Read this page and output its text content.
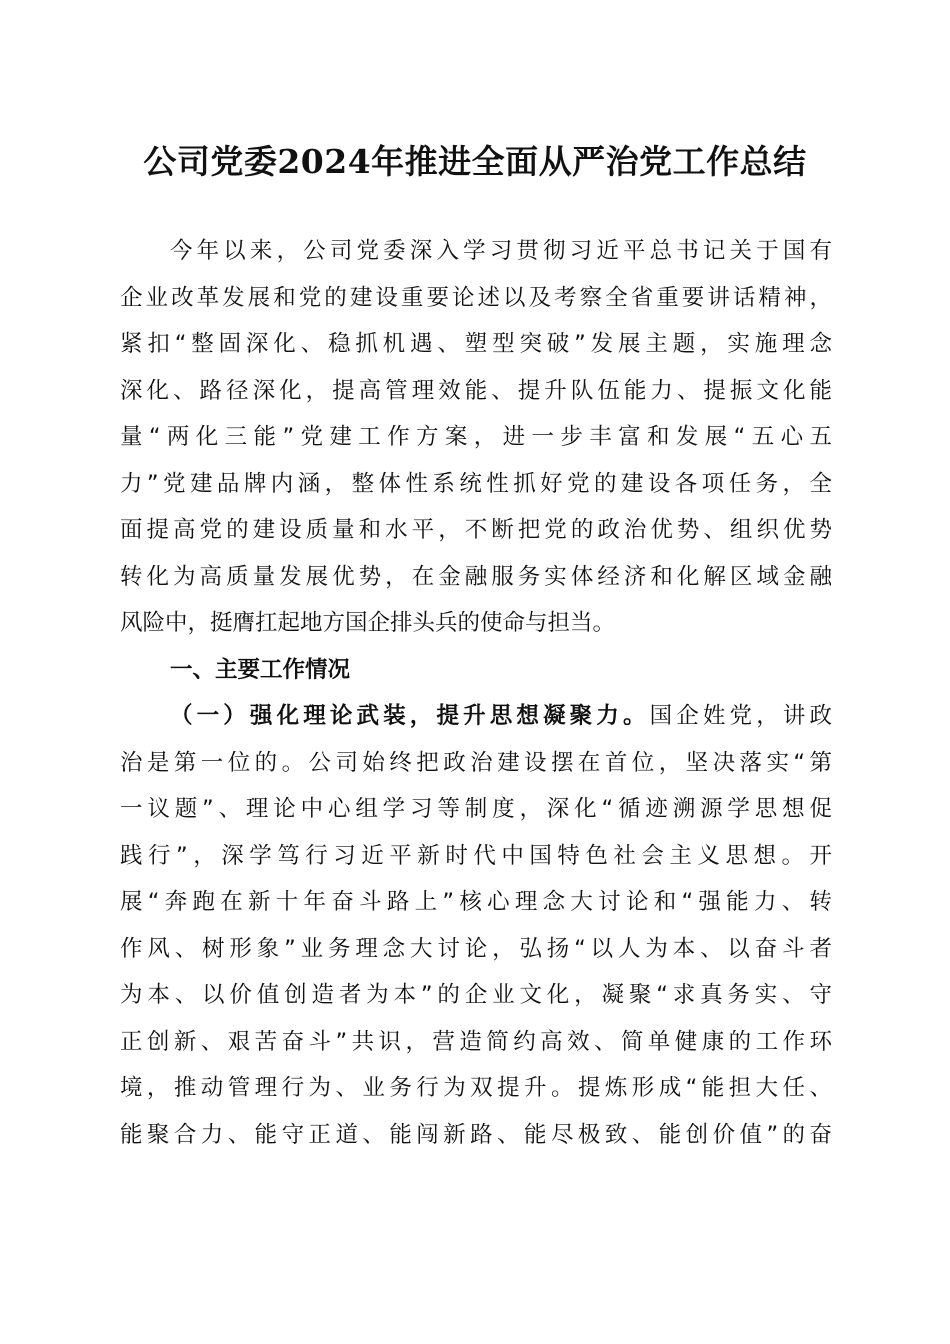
公司党委2024年推进全面从严治党工作总结
今年以来，公司党委深入学习贯彻习近平总书记关于国有
企业改革发展和党的建设重要论述以及考察全省重要讲话精神，
紧扣“整固深化、稳抓机遇、塑型突破”发展主题，实施理念
深化、路径深化，提高管理效能、提升队伍能力、提振文化能
量“两化三能”党建工作方案，进一步丰富和发展“五心五
力”党建品牌内涵，整体性系统性抓好党的建设各项任务，全
面提高党的建设质量和水平，不断把党的政治优势、组织优势
转化为高质量发展优势，在金融服务实体经济和化解区域金融
风险中，挺膺扛起地方国企排头兵的使命与担当。
一、主要工作情况
（一）强化理论武装，提升思想凝聚力。国企姓党，讲政
治是第一位的。公司始终把政治建设摆在首位，坚决落实“第
一议题”、理论中心组学习等制度，深化“循迹溯源学思想促
践行”，深学笃行习近平新时代中国特色社会主义思想。开
展“奔跑在新十年奋斗路上”核心理念大讨论和“强能力、转
作风、树形象”业务理念大讨论，弘扬“以人为本、以奋斗者
为本、以价值创造者为本”的企业文化，凝聚“求真务实、守
正创新、艰苦奋斗”共识，营造简约高效、简单健康的工作环
境，推动管理行为、业务行为双提升。提炼形成“能担大任、
能聚合力、能守正道、能闯新路、能尽极致、能创价值”的奋
